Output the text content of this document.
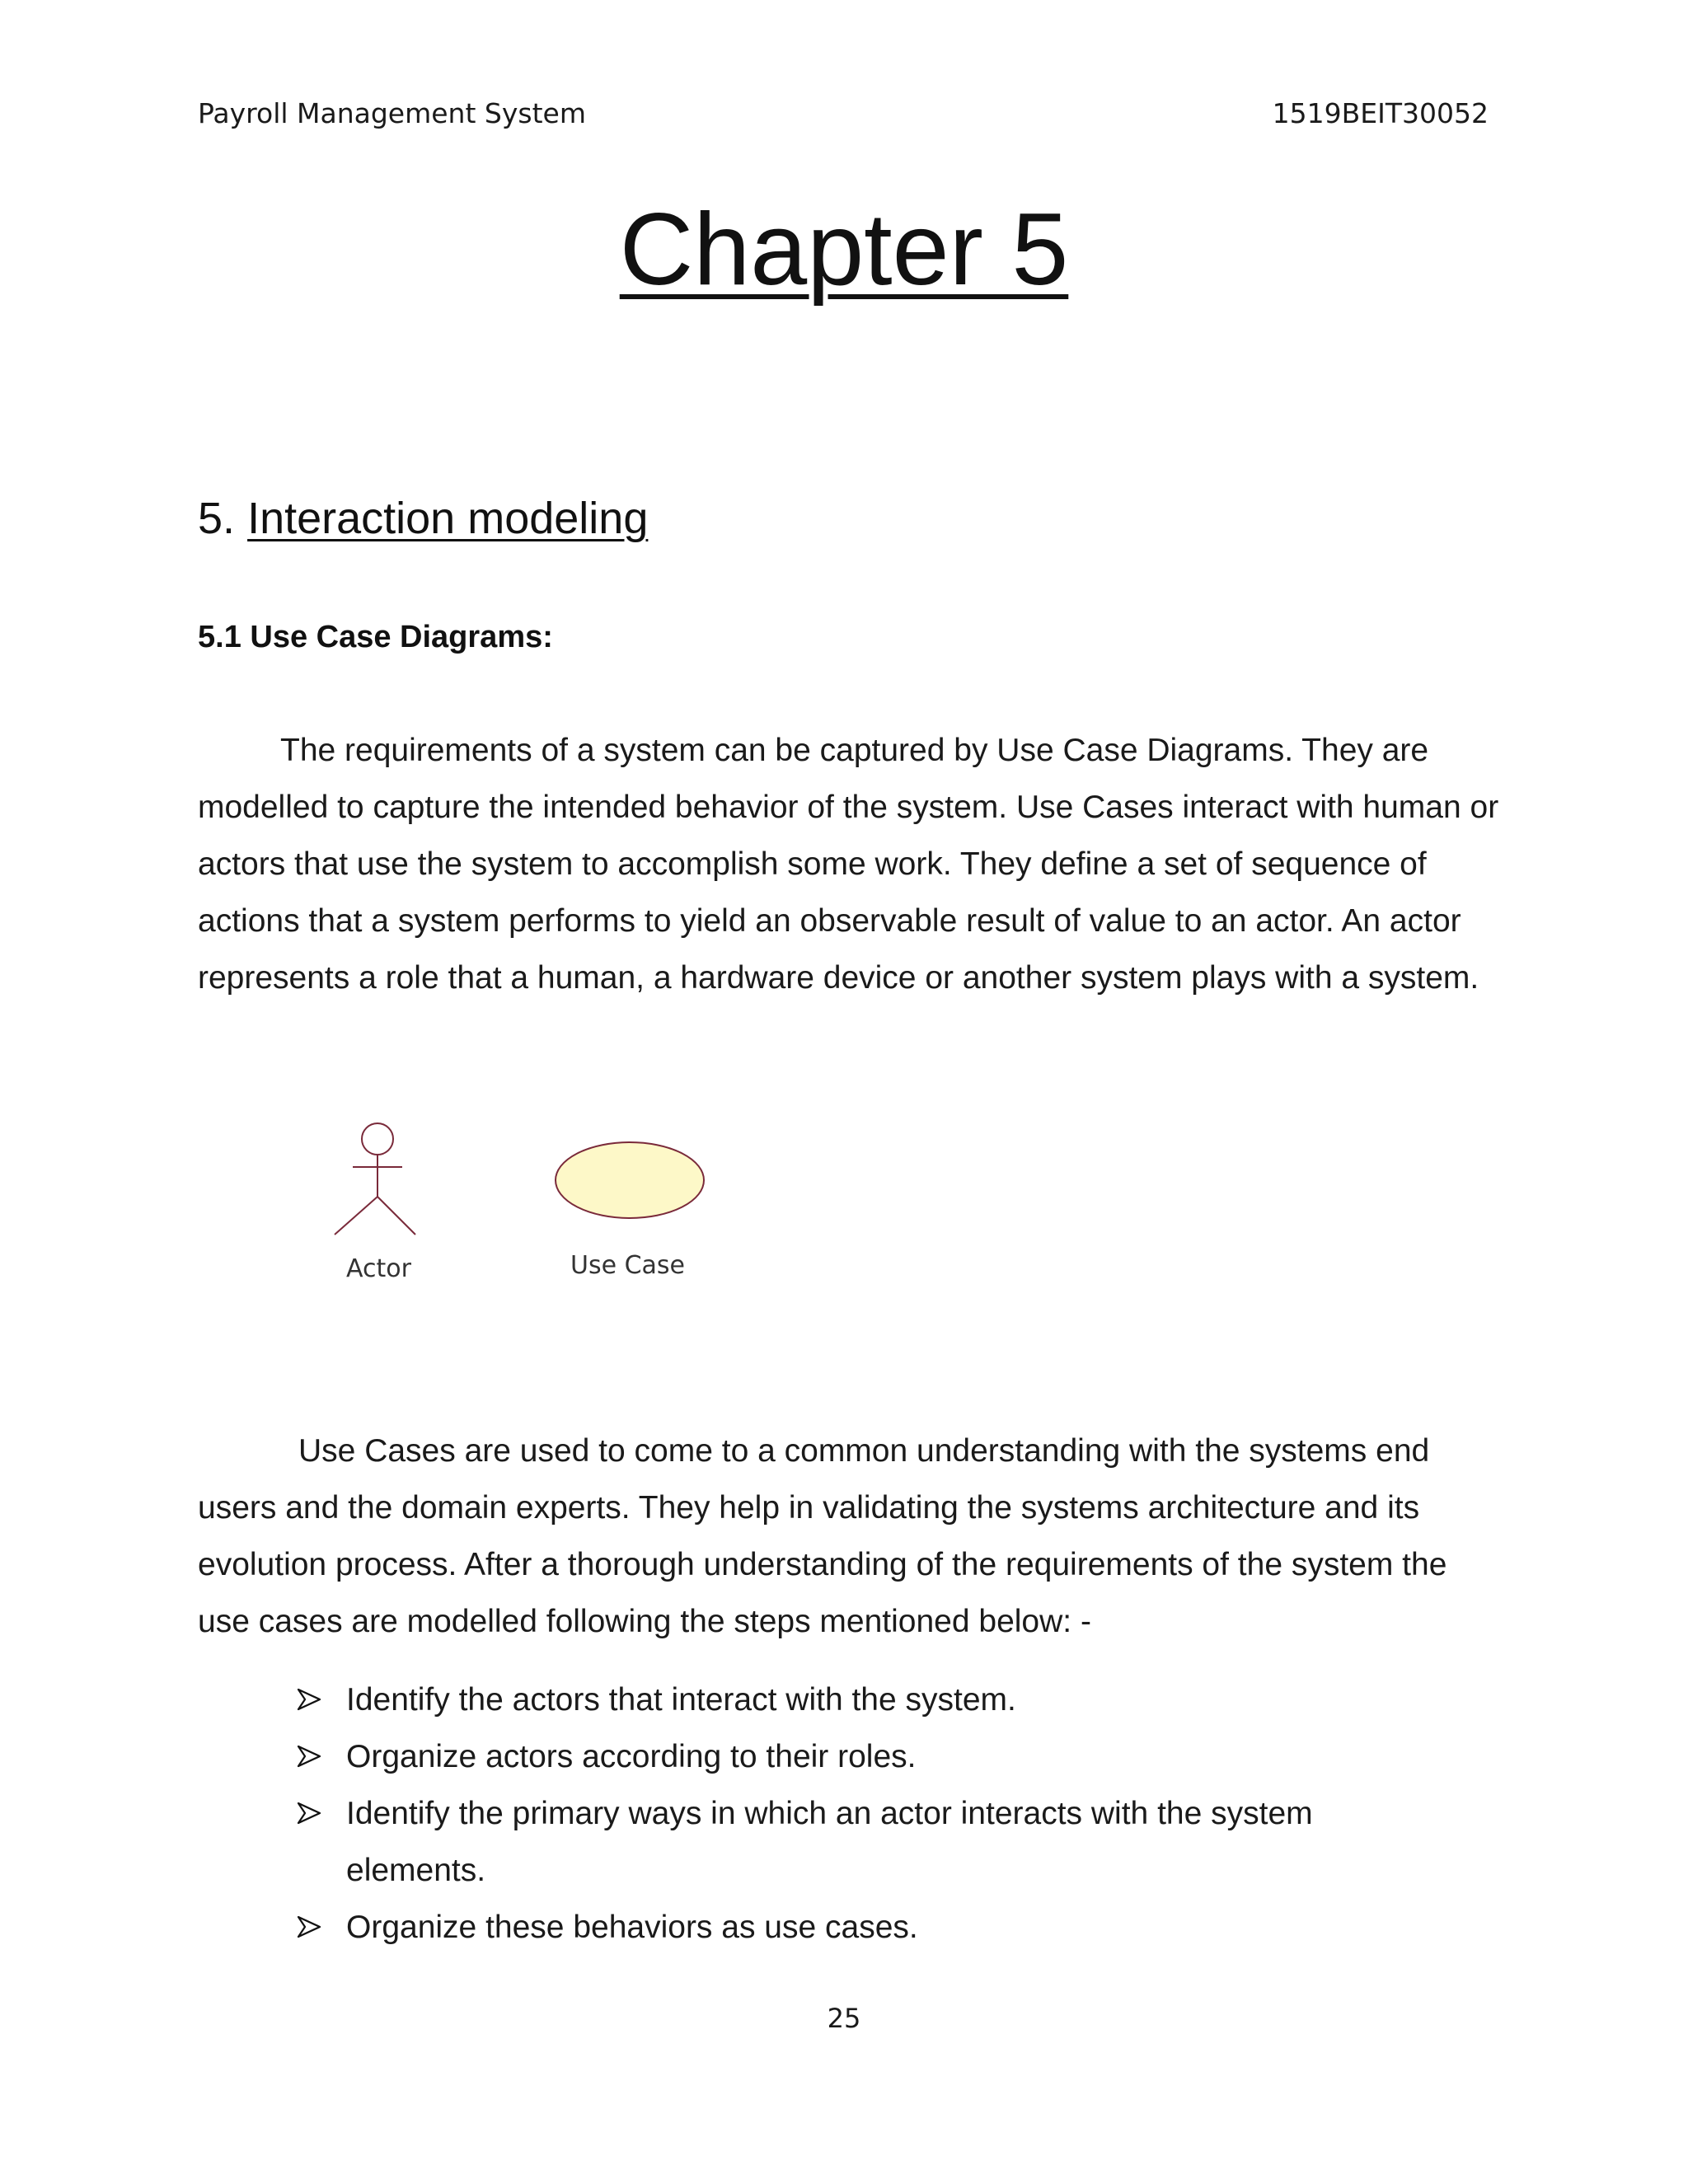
Payroll Management System	1519BEIT30052
Chapter 5
5. Interaction modeling
5.1 Use Case Diagrams:
The requirements of a system can be captured by Use Case Diagrams. They are modelled to capture the intended behavior of the system. Use Cases interact with human or actors that use the system to accomplish some work. They define a set of sequence of actions that a system performs to yield an observable result of value to an actor. An actor represents a role that a human, a hardware device or another system plays with a system.
Actor	Use Case
Use Cases are used to come to a common understanding with the systems end users and the domain experts. They help in validating the systems architecture and its evolution process. After a thorough understanding of the requirements of the system the use cases are modelled following the steps mentioned below: -
Identify the actors that interact with the system.
Organize actors according to their roles.
Identify the primary ways in which an actor interacts with the system elements.
Organize these behaviors as use cases.
25
